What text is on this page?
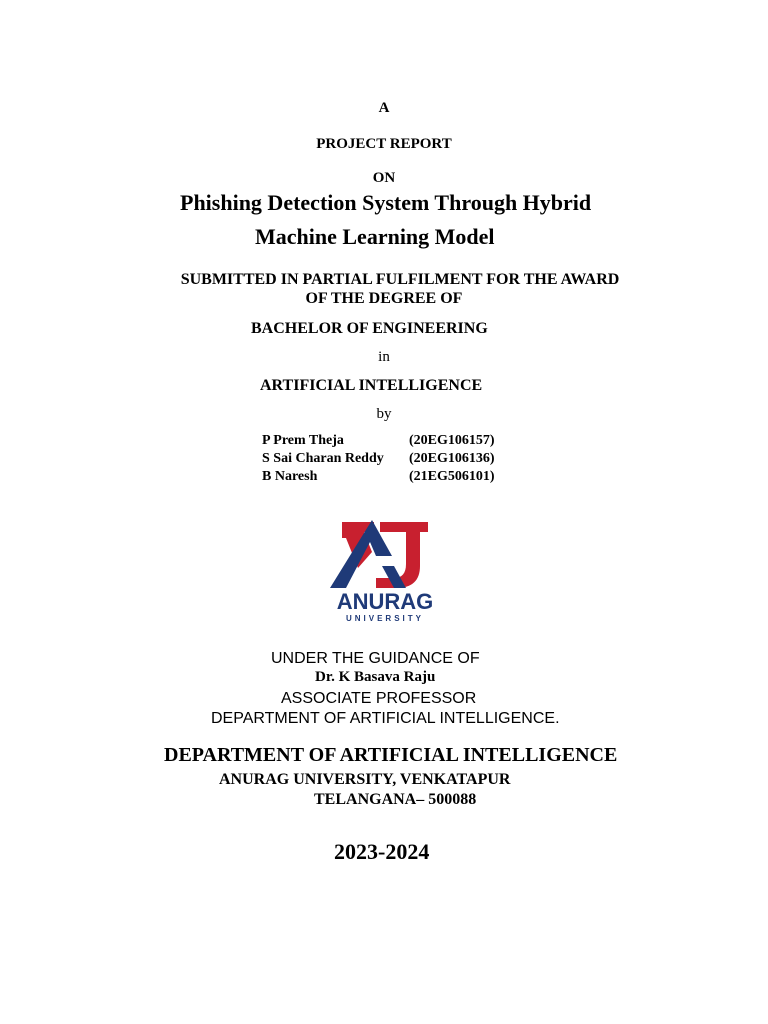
A

PROJECT REPORT

ON

Phishing Detection System Through Hybrid

Machine Learning Model

SUBMITTED IN PARTIAL FULFILMENT FOR THE AWARD

OF THE DEGREE OF

BACHELOR OF ENGINEERING

in

ARTIFICIAL INTELLIGENCE

by

P Prem Theja	(20EG106157)
S Sai Charan Reddy (20EG106136)
B Naresh	(21EG506101)
ANURAG
UNIVERSITY

UNDER THE GUIDANCE OF

Dr. K Basava Raju

ASSOCIATE PROFESSOR

DEPARTMENT OF ARTIFICIAL INTELLIGENCE.

DEPARTMENT OF ARTIFICIAL INTELLIGENCE

ANURAG UNIVERSITY, VENKATAPUR

TELANGANA– 500088

2023-2024
